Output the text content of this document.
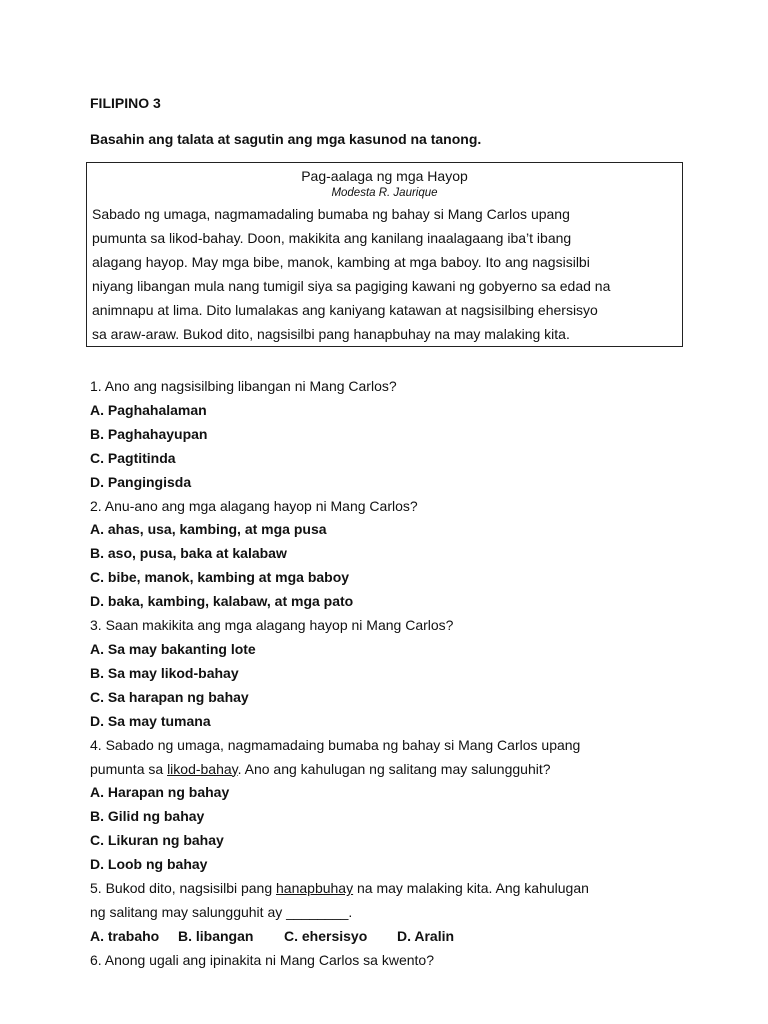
FILIPINO 3
Basahin ang talata at sagutin ang mga kasunod na tanong.
Pag-aalaga ng mga Hayop
Modesta R. Jaurique
Sabado ng umaga, nagmamadaling bumaba ng bahay si Mang Carlos upang
pumunta sa likod-bahay. Doon, makikita ang kanilang inaalagaang iba’t ibang
alagang hayop. May mga bibe, manok, kambing at mga baboy. Ito ang nagsisilbi
niyang libangan mula nang tumigil siya sa pagiging kawani ng gobyerno sa edad na
animnapu at lima. Dito lumalakas ang kaniyang katawan at nagsisilbing ehersisyo
sa araw-araw. Bukod dito, nagsisilbi pang hanapbuhay na may malaking kita.
1. Ano ang nagsisilbing libangan ni Mang Carlos?
A. Paghahalaman
B. Paghahayupan
C. Pagtitinda
D. Pangingisda
2. Anu-ano ang mga alagang hayop ni Mang Carlos?
A. ahas, usa, kambing, at mga pusa
B. aso, pusa, baka at kalabaw
C. bibe, manok, kambing at mga baboy
D. baka, kambing, kalabaw, at mga pato
3. Saan makikita ang mga alagang hayop ni Mang Carlos?
A. Sa may bakanting lote
B. Sa may likod-bahay
C. Sa harapan ng bahay
D. Sa may tumana
4. Sabado ng umaga, nagmamadaing bumaba ng bahay si Mang Carlos upang
pumunta sa likod-bahay. Ano ang kahulugan ng salitang may salungguhit?
A. Harapan ng bahay
B. Gilid ng bahay
C. Likuran ng bahay
D. Loob ng bahay
5. Bukod dito, nagsisilbi pang hanapbuhay na may malaking kita. Ang kahulugan
ng salitang may salungguhit ay ________.
A. trabaho B. libangan C. ehersisyo D. Aralin
6. Anong ugali ang ipinakita ni Mang Carlos sa kwento?
